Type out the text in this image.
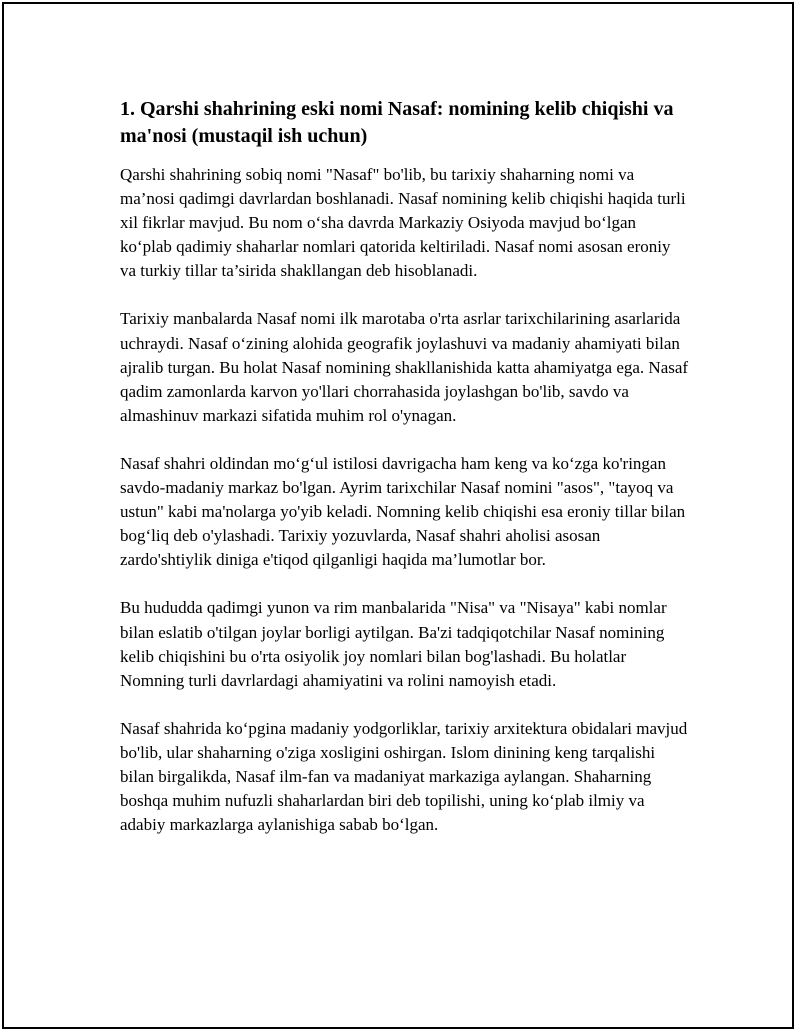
1. Qarshi shahrining eski nomi Nasaf: nomining kelib chiqishi va ma'nosi (mustaqil ish uchun)

Qarshi shahrining sobiq nomi "Nasaf" bo'lib, bu tarixiy shaharning nomi va ma’nosi qadimgi davrlardan boshlanadi. Nasaf nomining kelib chiqishi haqida turli xil fikrlar mavjud. Bu nom o‘sha davrda Markaziy Osiyoda mavjud bo‘lgan ko‘plab qadimiy shaharlar nomlari qatorida keltiriladi. Nasaf nomi asosan eroniy va turkiy tillar ta’sirida shakllangan deb hisoblanadi.

Tarixiy manbalarda Nasaf nomi ilk marotaba o'rta asrlar tarixchilarining asarlarida uchraydi. Nasaf o‘zining alohida geografik joylashuvi va madaniy ahamiyati bilan ajralib turgan. Bu holat Nasaf nomining shakllanishida katta ahamiyatga ega. Nasaf qadim zamonlarda karvon yo'llari chorrahasida joylashgan bo'lib, savdo va almashinuv markazi sifatida muhim rol o'ynagan.

Nasaf shahri oldindan mo‘g‘ul istilosi davrigacha ham keng va ko‘zga ko'ringan savdo-madaniy markaz bo'lgan. Ayrim tarixchilar Nasaf nomini "asos", "tayoq va ustun" kabi ma'nolarga yo'yib keladi. Nomning kelib chiqishi esa eroniy tillar bilan bog‘liq deb o'ylashadi. Tarixiy yozuvlarda, Nasaf shahri aholisi asosan zardo'shtiylik diniga e'tiqod qilganligi haqida ma’lumotlar bor.

Bu hududda qadimgi yunon va rim manbalarida "Nisa" va "Nisaya" kabi nomlar bilan eslatib o'tilgan joylar borligi aytilgan. Ba'zi tadqiqotchilar Nasaf nomining kelib chiqishini bu o'rta osiyolik joy nomlari bilan bog'lashadi. Bu holatlar Nomning turli davrlardagi ahamiyatini va rolini namoyish etadi.

Nasaf shahrida ko‘pgina madaniy yodgorliklar, tarixiy arxitektura obidalari mavjud bo'lib, ular shaharning o'ziga xosligini oshirgan. Islom dinining keng tarqalishi bilan birgalikda, Nasaf ilm-fan va madaniyat markaziga aylangan. Shaharning boshqa muhim nufuzli shaharlardan biri deb topilishi, uning ko‘plab ilmiy va adabiy markazlarga aylanishiga sabab bo‘lgan.
